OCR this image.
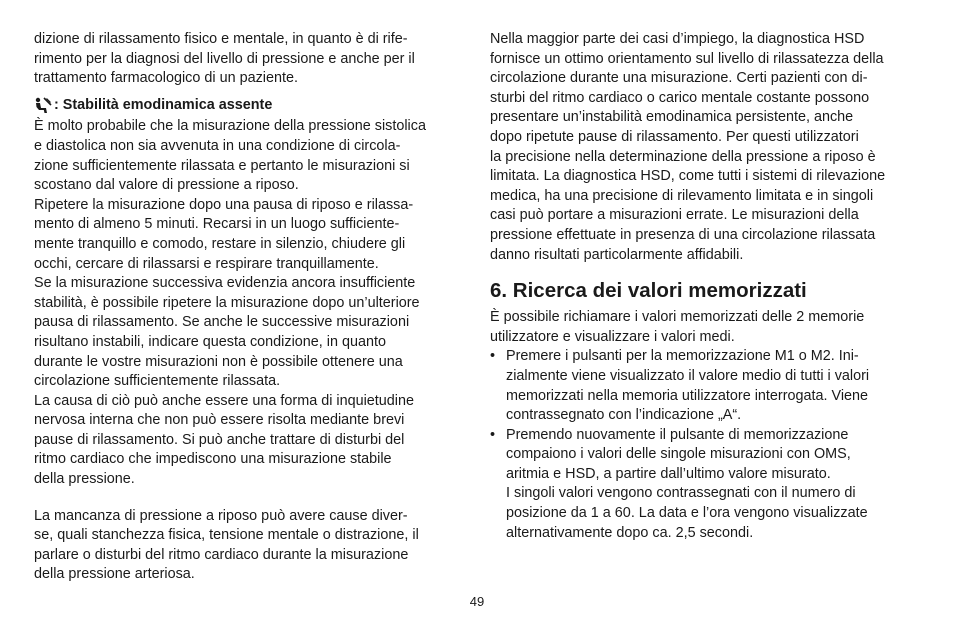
dizione di rilassamento fisico e mentale, in quanto è di rife-
rimento per la diagnosi del livello di pressione e anche per il
trattamento farmacologico di un paziente.
: Stabilità emodinamica assente
È molto probabile che la misurazione della pressione sistolica
e diastolica non sia avvenuta in una condizione di circola-
zione sufficientemente rilassata e pertanto le misurazioni si
scostano dal valore di pressione a riposo.
Ripetere la misurazione dopo una pausa di riposo e rilassa-
mento di almeno 5 minuti. Recarsi in un luogo sufficiente-
mente tranquillo e comodo, restare in silenzio, chiudere gli
occhi, cercare di rilassarsi e respirare tranquillamente.
Se la misurazione successiva evidenzia ancora insufficiente
stabilità, è possibile ripetere la misurazione dopo un’ulteriore
pausa di rilassamento. Se anche le successive misurazioni
risultano instabili, indicare questa condizione, in quanto
durante le vostre misurazioni non è possibile ottenere una
circolazione sufficientemente rilassata.
La causa di ciò può anche essere una forma di inquietudine
nervosa interna che non può essere risolta mediante brevi
pause di rilassamento. Si può anche trattare di disturbi del
ritmo cardiaco che impediscono una misurazione stabile
della pressione.
La mancanza di pressione a riposo può avere cause diver-
se, quali stanchezza fisica, tensione mentale o distrazione, il
parlare o disturbi del ritmo cardiaco durante la misurazione
della pressione arteriosa.
Nella maggior parte dei casi d’impiego, la diagnostica HSD
fornisce un ottimo orientamento sul livello di rilassatezza della
circolazione durante una misurazione. Certi pazienti con di-
sturbi del ritmo cardiaco o carico mentale costante possono
presentare un’instabilità emodinamica persistente, anche
dopo ripetute pause di rilassamento. Per questi utilizzatori
la precisione nella determinazione della pressione a riposo è
limitata. La diagnostica HSD, come tutti i sistemi di rilevazione
medica, ha una precisione di rilevamento limitata e in singoli
casi può portare a misurazioni errate. Le misurazioni della
pressione effettuate in presenza di una circolazione rilassata
danno risultati particolarmente affidabili.
6. Ricerca dei valori memorizzati
È possibile richiamare i valori memorizzati delle 2 memorie
utilizzatore e visualizzare i valori medi.
• Premere i pulsanti per la memorizzazione M1 o M2. Ini-
zialmente viene visualizzato il valore medio di tutti i valori
memorizzati nella memoria utilizzatore interrogata. Viene
contrassegnato con l’indicazione „A“.
• Premendo nuovamente il pulsante di memorizzazione
compaiono i valori delle singole misurazioni con OMS,
aritmia e HSD, a partire dall’ultimo valore misurato.
I singoli valori vengono contrassegnati con il numero di
posizione da 1 a 60. La data e l’ora vengono visualizzate
alternativamente dopo ca. 2,5 secondi.
49
